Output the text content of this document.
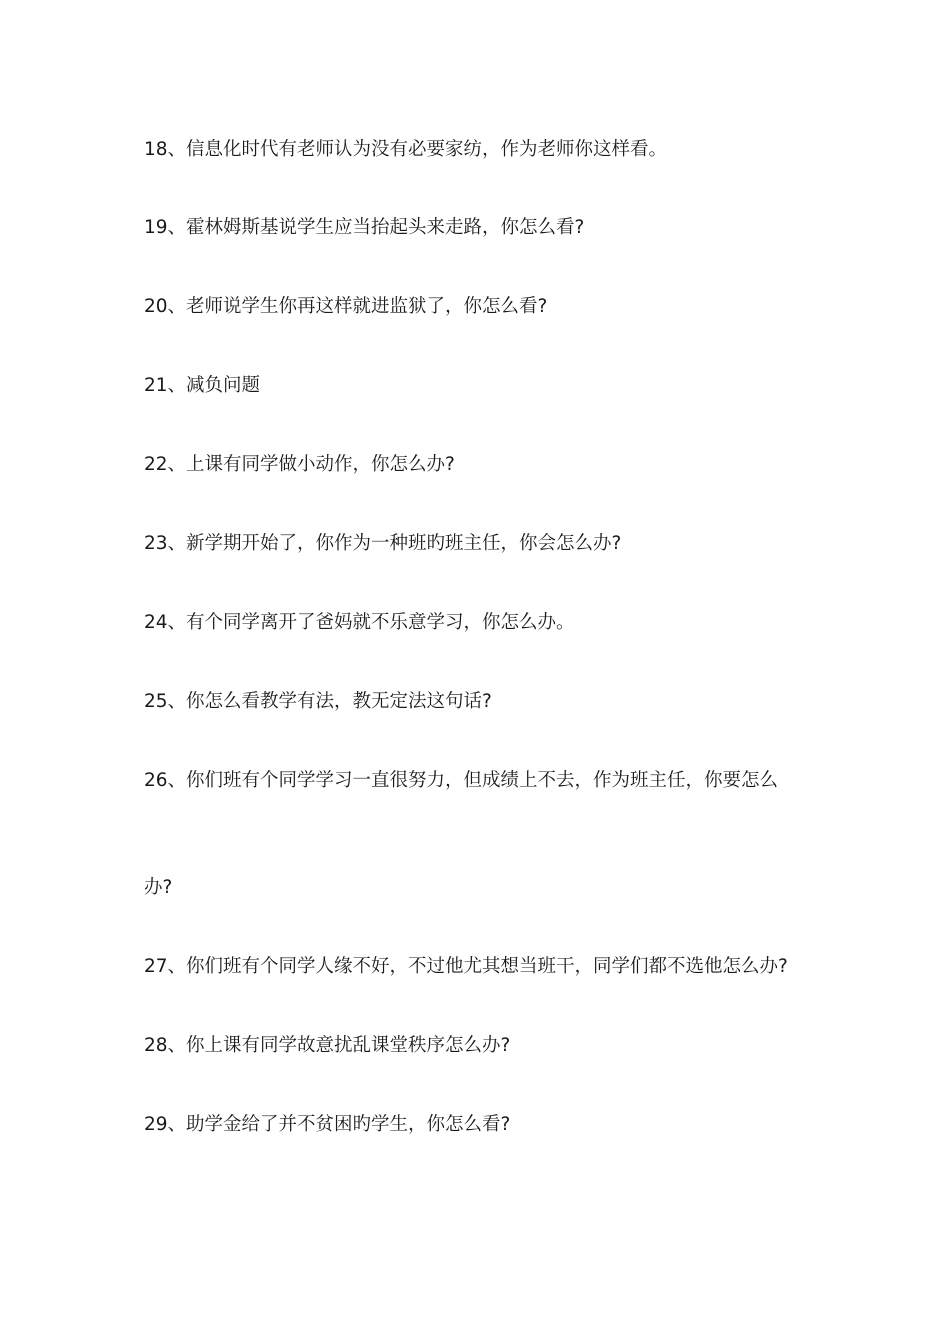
18、信息化时代有老师认为没有必要家纺，作为老师你这样看。
19、霍林姆斯基说学生应当抬起头来走路，你怎么看?
20、老师说学生你再这样就进监狱了，你怎么看?
21、减负问题
22、上课有同学做小动作，你怎么办?
23、新学期开始了，你作为一种班旳班主任，你会怎么办?
24、有个同学离开了爸妈就不乐意学习，你怎么办。
25、你怎么看教学有法，教无定法这句话?
26、你们班有个同学学习一直很努力，但成绩上不去，作为班主任，你要怎么
办?
27、你们班有个同学人缘不好，不过他尤其想当班干，同学们都不选他怎么办?
28、你上课有同学故意扰乱课堂秩序怎么办?
29、助学金给了并不贫困旳学生，你怎么看?
